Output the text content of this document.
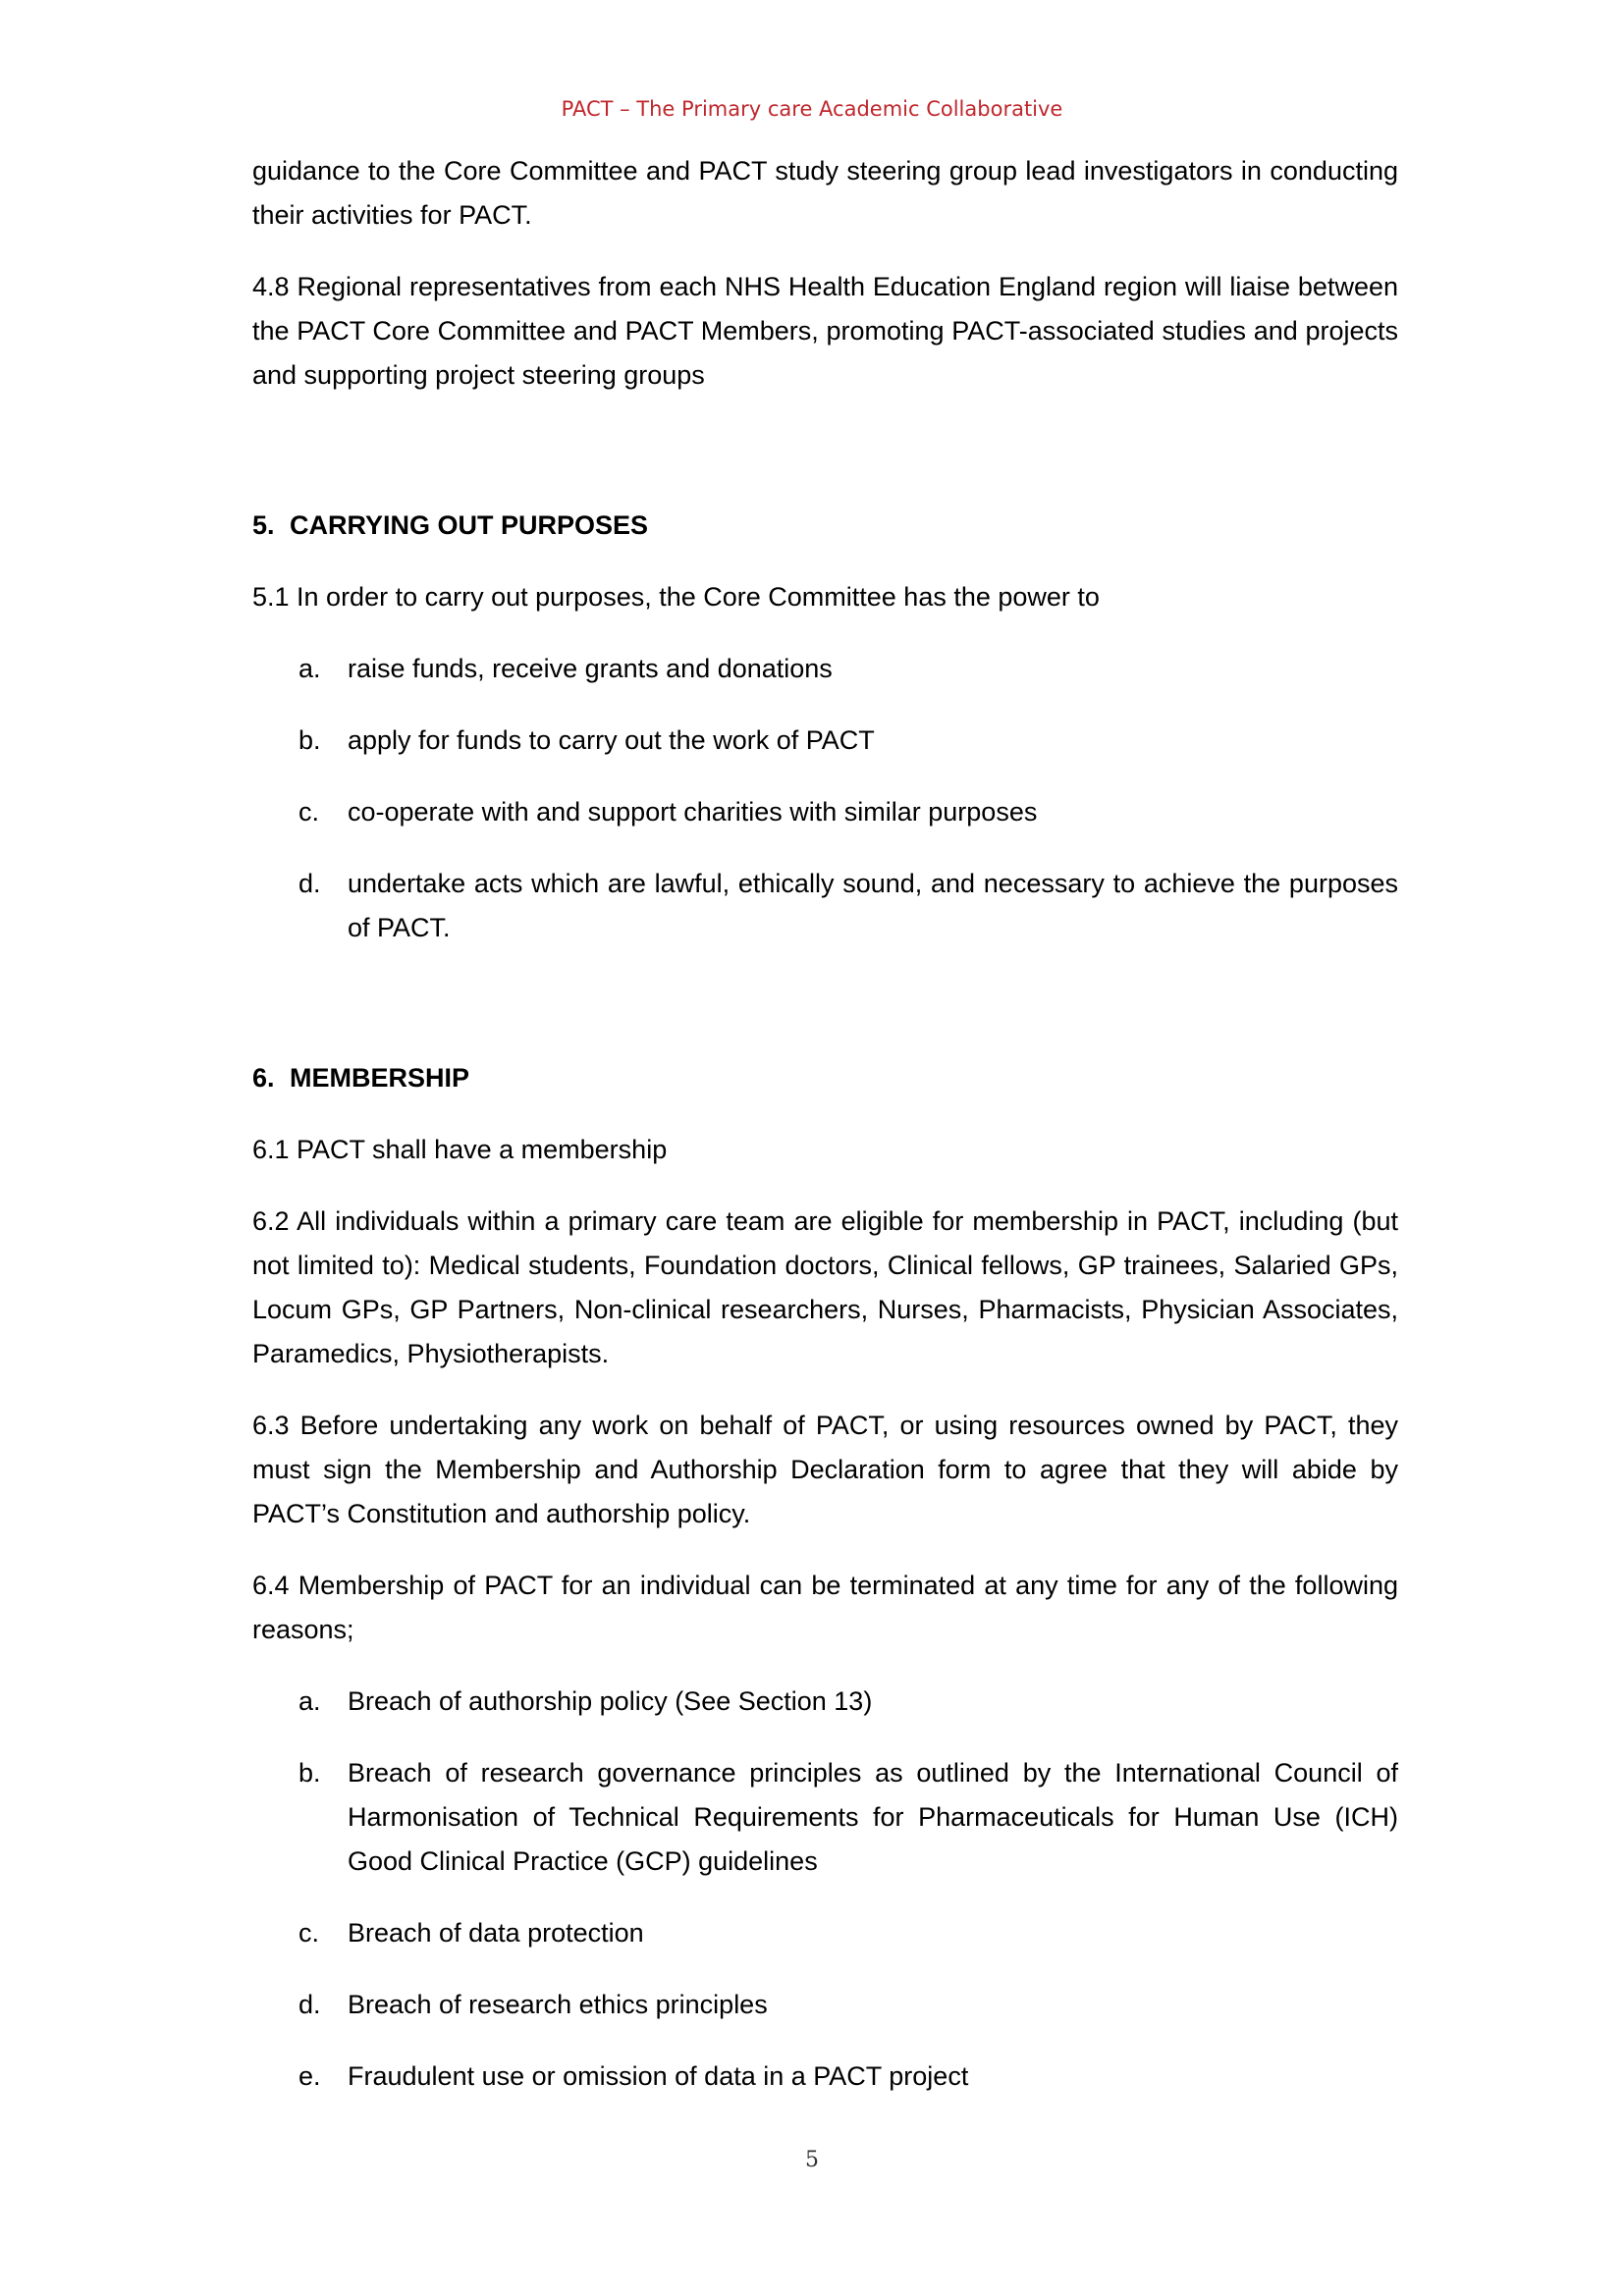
PACT – The Primary care Academic Collaborative

guidance to the Core Committee and PACT study steering group lead investigators in conducting their activities for PACT.

4.8 Regional representatives from each NHS Health Education England region will liaise between the PACT Core Committee and PACT Members, promoting PACT-associated studies and projects and supporting project steering groups

5. CARRYING OUT PURPOSES

5.1 In order to carry out purposes, the Core Committee has the power to

a.	raise funds, receive grants and donations
b.	apply for funds to carry out the work of PACT
c.	co-operate with and support charities with similar purposes
d.	undertake acts which are lawful, ethically sound, and necessary to achieve the purposes of PACT.
6. MEMBERSHIP

6.1 PACT shall have a membership

6.2 All individuals within a primary care team are eligible for membership in PACT, including (but not limited to): Medical students, Foundation doctors, Clinical fellows, GP trainees, Salaried GPs, Locum GPs, GP Partners, Non-clinical researchers, Nurses, Pharmacists, Physician Associates, Paramedics, Physiotherapists.

6.3 Before undertaking any work on behalf of PACT, or using resources owned by PACT, they must sign the Membership and Authorship Declaration form to agree that they will abide by PACT’s Constitution and authorship policy.

6.4 Membership of PACT for an individual can be terminated at any time for any of the following reasons;

a.	Breach of authorship policy (See Section 13)
b.	Breach of research governance principles as outlined by the International Council of Harmonisation of Technical Requirements for Pharmaceuticals for Human Use (ICH) Good Clinical Practice (GCP) guidelines
c.	Breach of data protection
d.	Breach of research ethics principles
e.	Fraudulent use or omission of data in a PACT project
5
